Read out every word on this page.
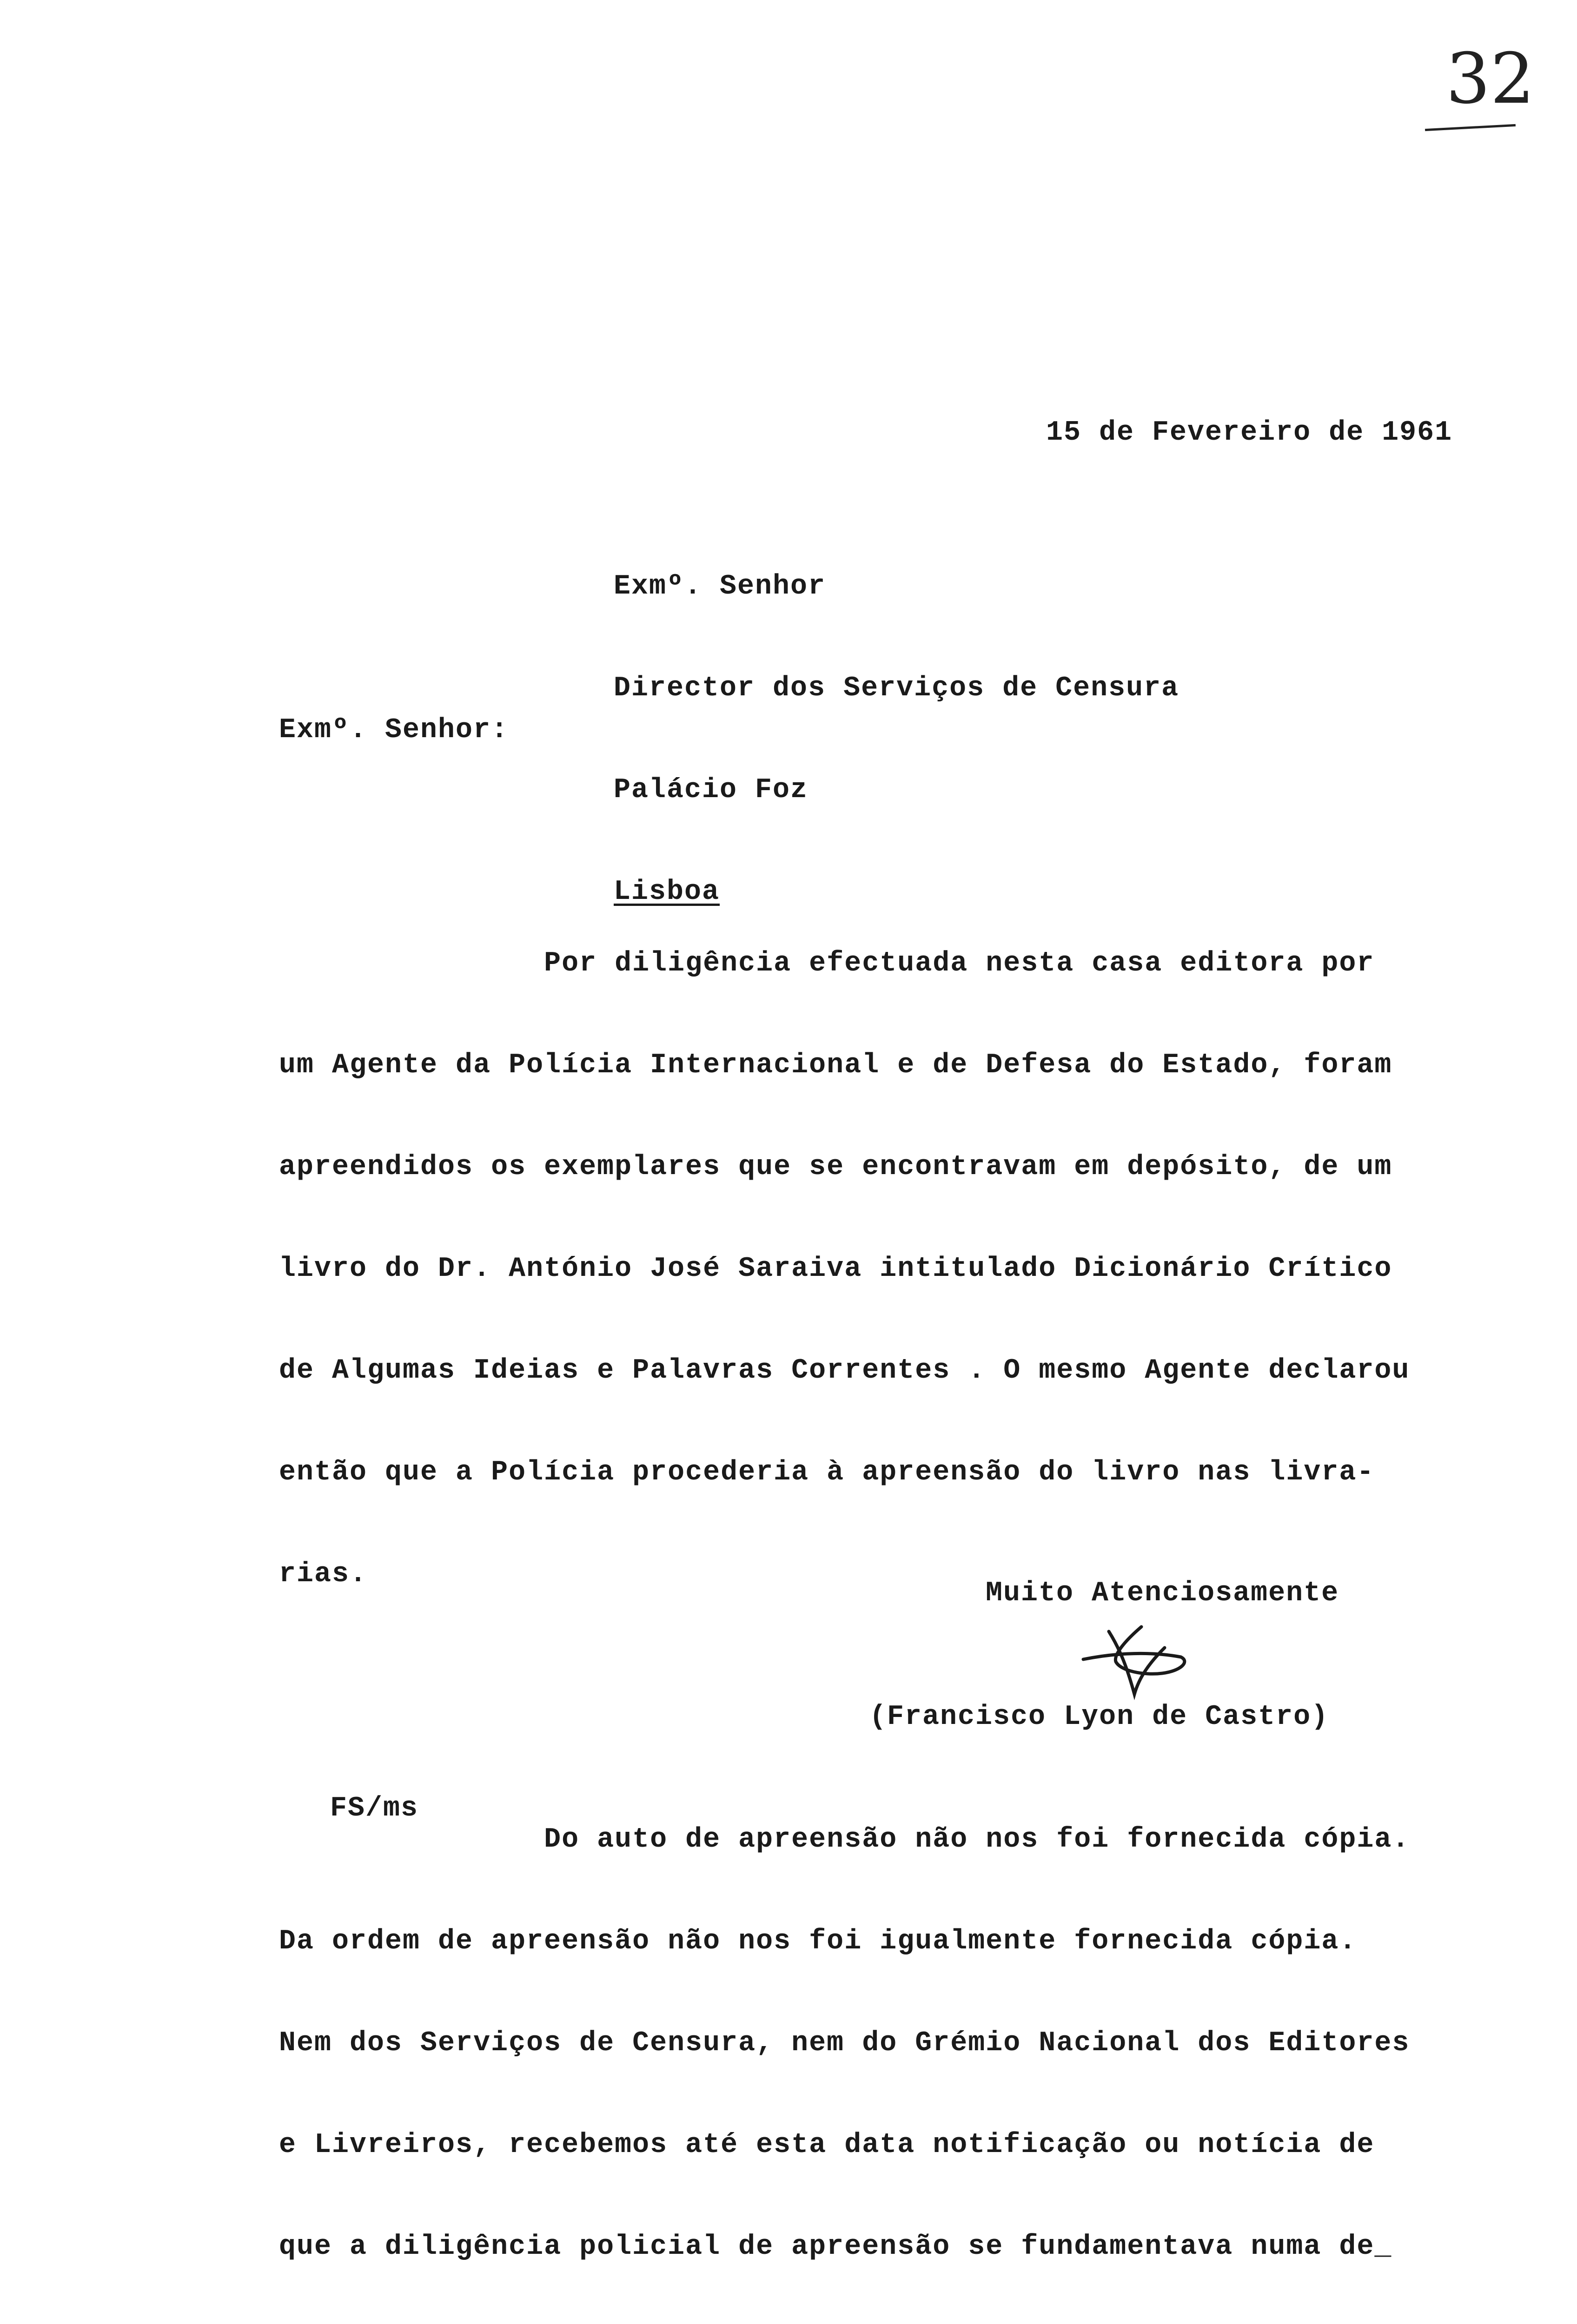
32
15 de Fevereiro de 1961

Exmº. Senhor

Director dos Serviços de Censura

Palácio Foz

Lisboa

Exmº. Senhor:

Por diligência efectuada nesta casa editora por

um Agente da Polícia Internacional e de Defesa do Estado, foram

apreendidos os exemplares que se encontravam em depósito, de um

livro do Dr. António José Saraiva intitulado Dicionário Crítico

de Algumas Ideias e Palavras Correntes . O mesmo Agente declarou

então que a Polícia procederia à apreensão do livro nas livra-

rias.

Do auto de apreensão não nos foi fornecida cópia.

Da ordem de apreensão não nos foi igualmente fornecida cópia.

Nem dos Serviços de Censura, nem do Grémio Nacional dos Editores

e Livreiros, recebemos até esta data notificação ou notícia de

que a diligência policial de apreensão se fundamentava numa de_

Muito Atenciosamente
(Francisco Lyon de Castro)
FS/ms
